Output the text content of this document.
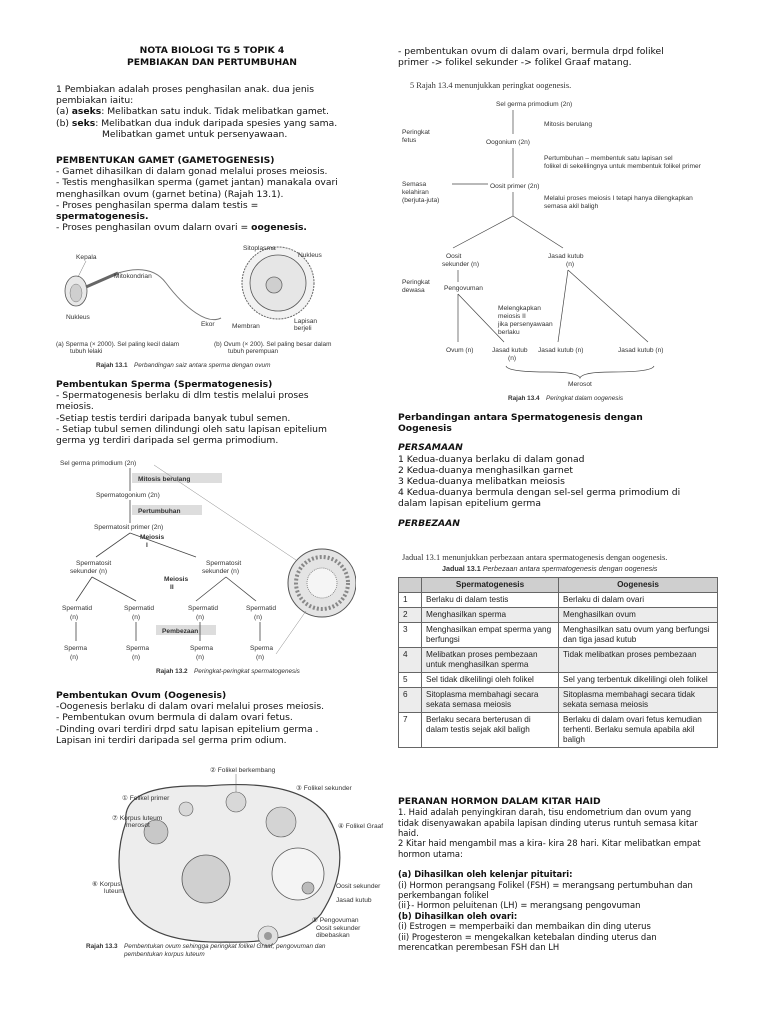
NOTA BIOLOGI TG 5 TOPIK 4

PEMBIAKAN DAN PERTUMBUHAN

1 Pembiakan adalah proses penghasilan anak. dua jenis

pembiakan iaitu:

(a) aseks: Melibatkan satu induk. Tidak melibatkan gamet.

(b) seks: Melibatkan dua induk daripada spesies yang sama.

Melibatkan gamet untuk persenyawaan.

PEMBENTUKAN GAMET (GAMETOGENESIS)

- Gamet dihasilkan di dalam gonad melalui proses meiosis.

- Testis menghasilkan sperma (gamet jantan) manakala ovari

menghasilkan ovum (garnet betina) (Rajah 13.1).

- Proses penghasilan sperma dalam testis =

spermatogenesis.

- Proses penghasilan ovum dalarn ovari = oogenesis.

Kepala
Mitokondrian
Nukleus
Ekor
Sitoplasma
Nukleus
Membran
Lapisan
berjeli
(a) Sperma (× 2000). Sel paling kecil dalam
tubuh lelaki
(b) Ovum (× 200). Sel paling besar dalam
tubuh perempuan
Rajah 13.1 Perbandingan saiz antara sperma dengan ovum

Pembentukan Sperma (Spermatogenesis)

- Spermatogenesis berlaku di dlm testis melalui proses

meiosis.

-Setiap testis terdiri daripada banyak tubul semen.

- Setiap tubul semen dilindungi oleh satu lapisan epitelium

germa yg terdiri daripada sel germa primodium.

Sel germa primodium (2n)
Mitosis berulang
Spermatogonium (2n)
Pertumbuhan
Spermatosit primer (2n)
Meiosis
I
Spermatosit
sekunder (n)
Spermatosit
sekunder (n)
Meiosis
II
Spermatid	Spermatid	Spermatid	Spermatid
(n)	(n)	(n)	(n)
Pembezaan
Sperma	Sperma	Sperma	Sperma
(n)	(n)	(n)	(n)
Rajah 13.2 Peringkat-peringkat spermatogenesis

Pembentukan Ovum (Oogenesis)

-Oogenesis berlaku di dalam ovari melalui proses meiosis.

- Pembentukan ovum bermula di dalam ovari fetus.

-Dinding ovari terdiri drpd satu lapisan epitelium germa .

Lapisan ini terdiri daripada sel germa prim odium.

② Folikel berkembang
① Folikel primer
③ Folikel sekunder
⑦ Korpus luteum
merosot	④ Folikel Graaf
⑥ Korpus
luteum
Oosit sekunder
Jasad kutub
⑤ Pengovuman
Oosit sekunder
dibebaskan
Rajah 13.3 Pembentukan ovum sehingga peringkat folikel Graaf, pengovuman dan
pembentukan korpus luteum

- pembentukan ovum di dalam ovari, bermula drpd folikel

primer -> folikel sekunder -> folikel Graaf matang.

5 Rajah 13.4 menunjukkan peringkat oogenesis.
Sel germa primodium (2n)
Peringkat
fetus
Mitosis berulang
Oogonium (2n)
Pertumbuhan – membentuk satu lapisan sel
folikel di sekelilingnya untuk membentuk folikel primer
Semasa
kelahiran
(berjuta-juta)
Oosit primer (2n)
Melalui proses meiosis I tetapi hanya dilengkapkan
semasa akil baligh
Oosit
sekunder (n)
Jasad kutub
(n)
Peringkat
dewasa	Pengovuman
Melengkapkan
meiosis II
jika persenyawaan
berlaku
Ovum (n)	Jasad kutub
(n)
Jasad kutub (n)	Jasad kutub (n)
Merosot
Rajah 13.4 Peringkat dalam oogenesis

Perbandingan antara Spermatogenesis dengan

Oogenesis

PERSAMAAN

1 Kedua-duanya berlaku di dalam gonad

2 Kedua-duanya menghasilkan garnet

3 Kedua-duanya melibatkan meiosis

4 Kedua-duanya bermula dengan sel-sel germa primodium di

dalam lapisan epitelium germa

PERBEZAAN

Jadual 13.1 menunjukkan perbezaan antara spermatogenesis dengan oogenesis.

Jadual 13.1 Perbezaan antara spermatogenesis dengan oogenesis

	Spermatogenesis	Oogenesis
1	Berlaku di dalam testis	Berlaku di dalam ovari
2	Menghasilkan sperma	Menghasilkan ovum
3	Menghasilkan empat sperma yang berfungsi	Menghasilkan satu ovum yang berfungsi dan tiga jasad kutub
4	Melibatkan proses pembezaan untuk menghasilkan sperma	Tidak melibatkan proses pembezaan
5	Sel tidak dikelilingi oleh folikel	Sel yang terbentuk dikelilingi oleh folikel
6	Sitoplasma membahagi secara sekata semasa meiosis	Sitoplasma membahagi secara tidak sekata semasa meiosis
7	Berlaku secara berterusan di dalam testis sejak akil baligh	Berlaku di dalam ovari fetus kemudian terhenti. Berlaku semula apabila akil baligh

PERANAN HORMON DALAM KITAR HAID

1. Haid adalah penyingkiran darah, tisu endometrium dan ovum yang

tidak disenyawakan apabila lapisan dinding uterus runtuh semasa kitar

haid.

2 Kitar haid mengambil mas a kira- kira 28 hari. Kitar melibatkan empat

hormon utama:

(a) Dihasilkan oleh kelenjar pituitari:

(i) Hormon perangsang Folikel (FSH) = merangsang pertumbuhan dan

perkembangan folikel

(ii}- Hormon peluitenan (LH) = merangsang pengovuman

(b) Dihasilkan oleh ovari:

(i) Estrogen = memperbaiki dan membaikan din ding uterus

(ii) Progesteron = mengekalkan ketebalan dinding uterus dan

merencatkan perembesan FSH dan LH
